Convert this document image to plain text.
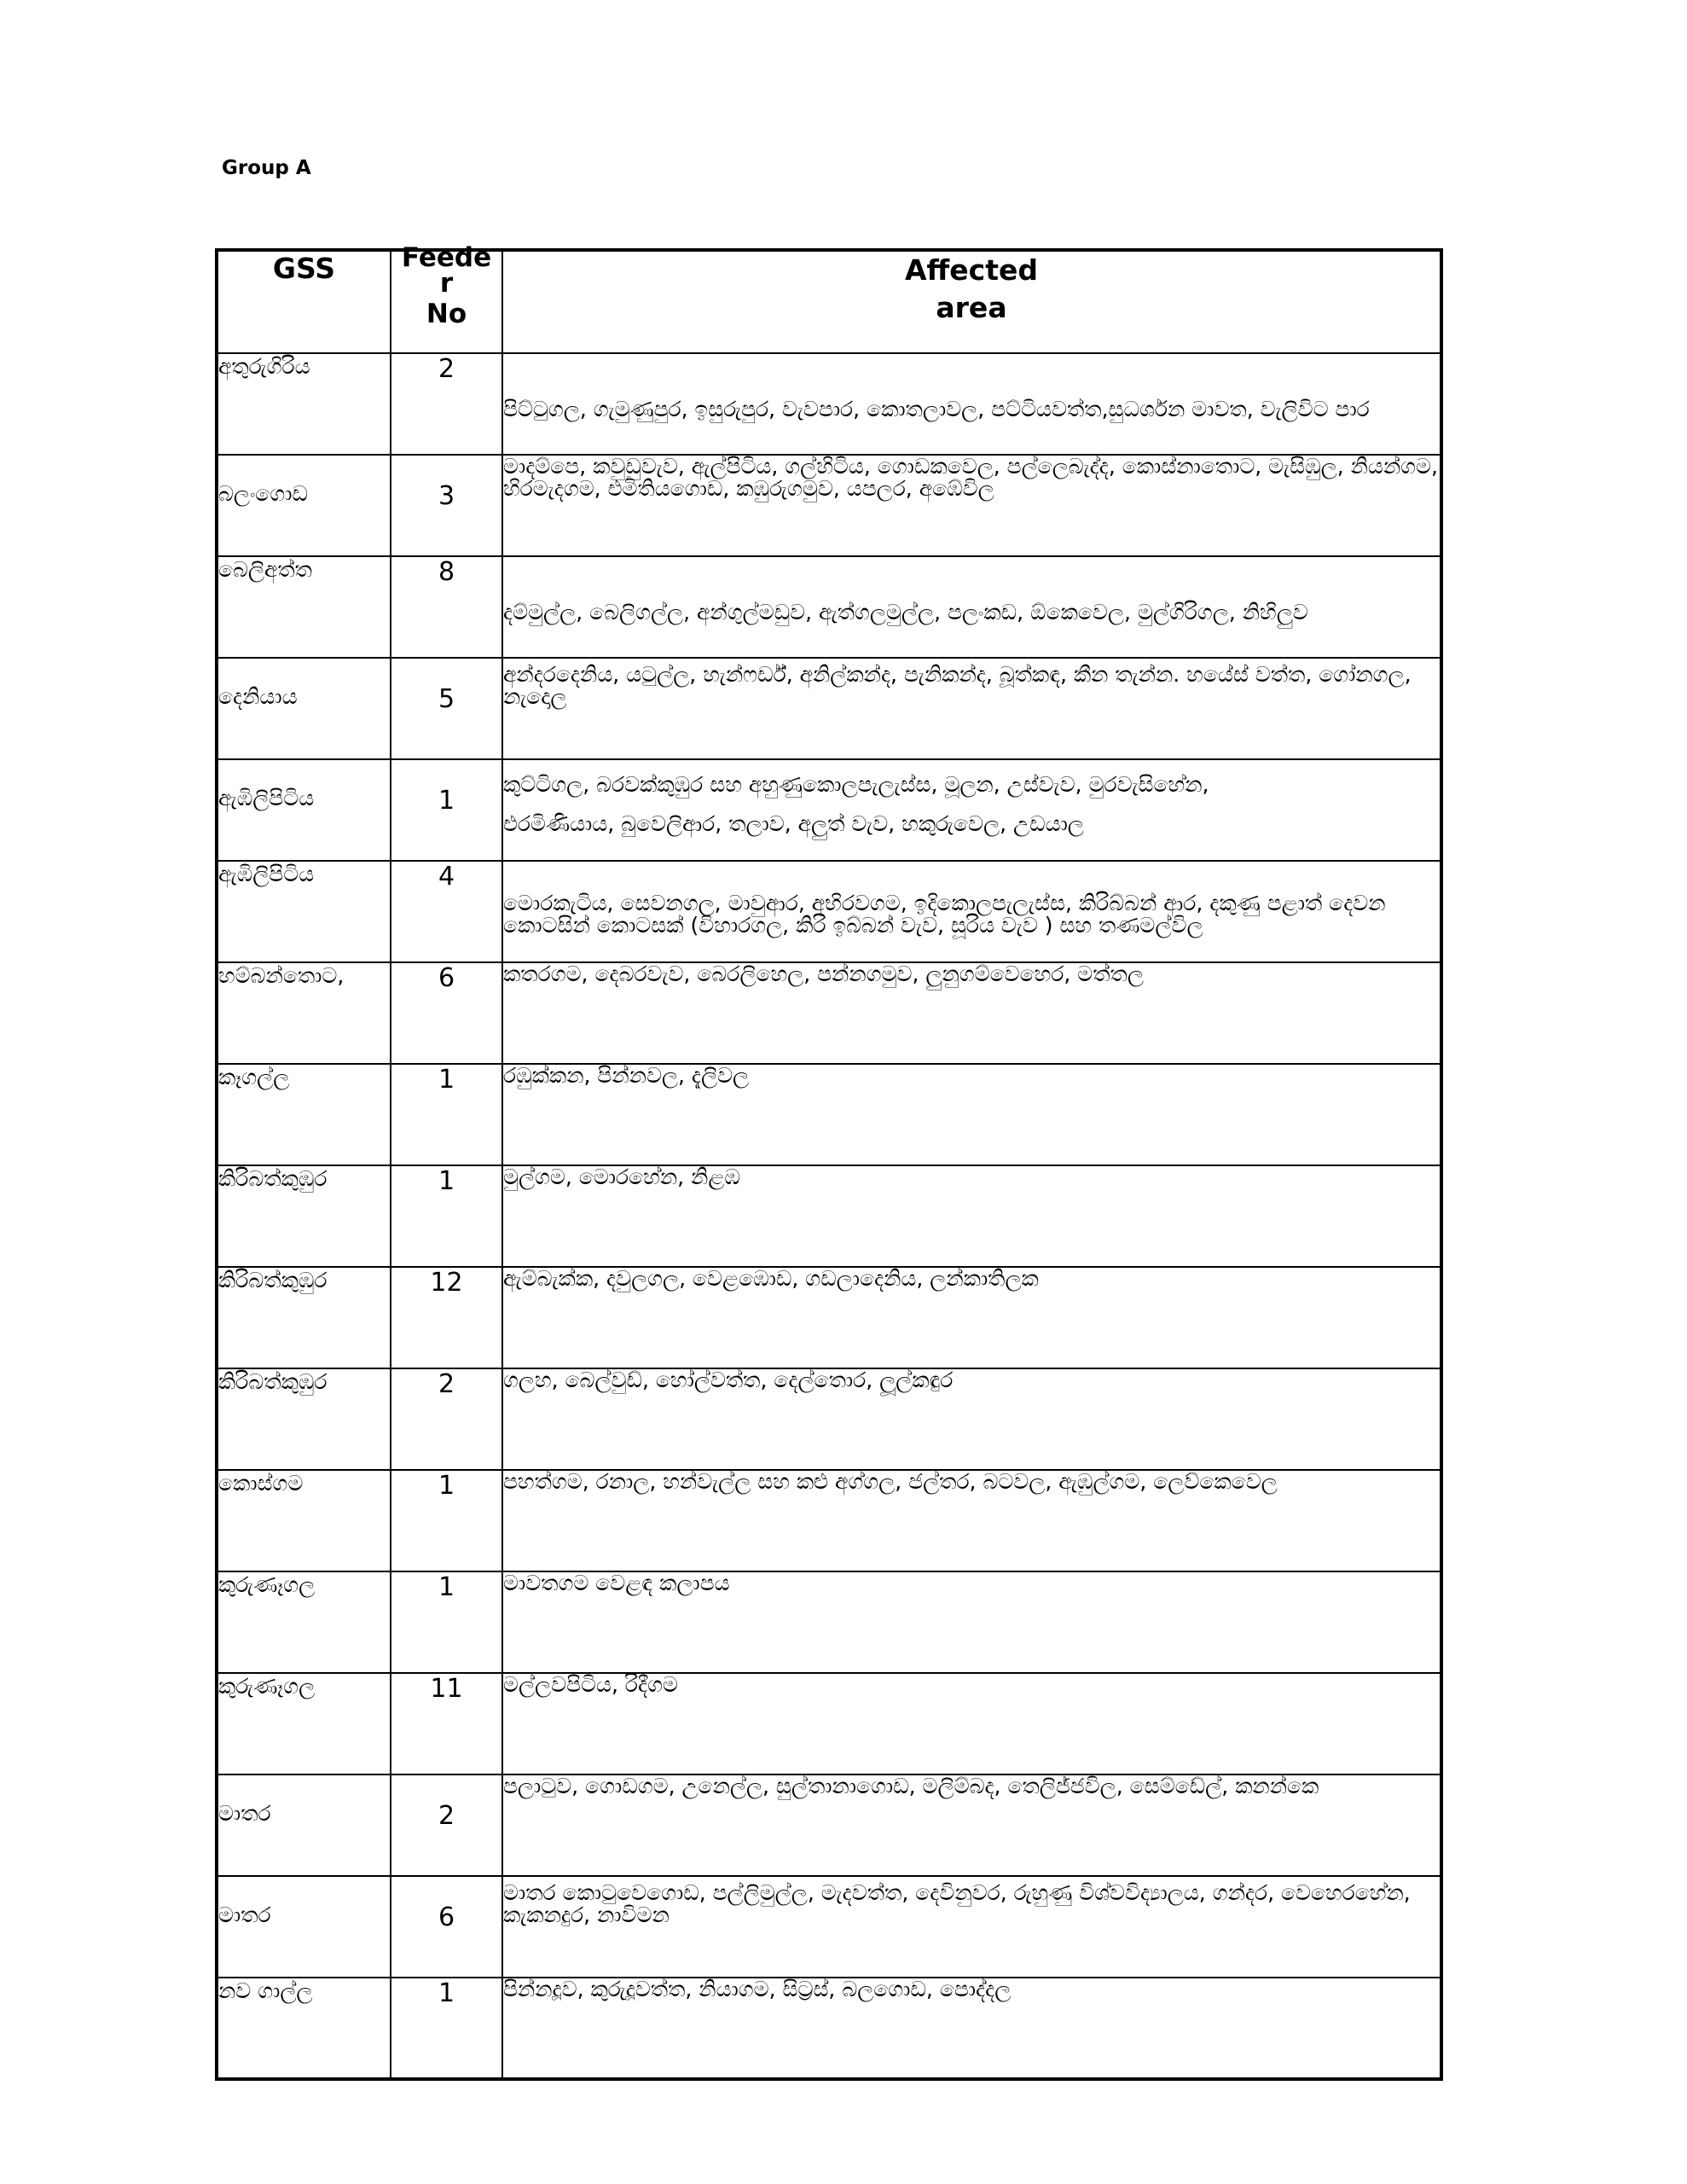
Group A
GSS	Feede
r
No	Affected
area

අතුරුගිරිය	2	පිට්ටුගල, ගැමුණුපුර, ඉසුරුපුර, වැවපාර, කොතලාවල, පට්ටියවත්ත,සුධර්ශන මාවත, වැලිවිට පාර
බලංගොඩ	3	මාදම්පෙ, කවුඩුවැව, ඇල්පිටිය, ගල්හිටිය, ගොඩකවෙල, පල්ලෙබැද්ද, කොස්නාතොට, මැසිඹුල, නියන්ගම, හිරමැදගම, එමිතියගොඩ, කඹුරුගමුව, යපලර, අඹේවිල
බෙලිඅත්ත	8	දම්මුල්ල, බෙලිගල්ල, අන්ගුල්මඩුව, ඇත්ගලමුල්ල, පලංකඩ, ඕකෙවෙල, මුල්ගිරිගල, නිහිලුව
දෙනියාය	5	අන්දරදෙනිය, යටුල්ල, හැන්ෆර්ඩ්, අනිල්කන්ද, පැනිකන්ද, බූත්කඳ, කීන තැන්න. හයේස් වත්ත, ගෝනගල, නැදොල
ඇඹිලිපිටිය	1	කුට්ටිගල, බරවක්කුඹුර සහ අහුණුකොලපැලැස්ස, මූලන, උස්වැව, මුරවැසිහේන,
එරමිණියාය, බුවෙලිආර, තලාව, අලුත් වැව, හකුරුවෙල, උඩයාල

ඇඹිලිපිටිය	4	මොරකැටිය, සෙවනගල, මාවුආර, අභිරවගම, ඉදිකොලපැලැස්ස, කිරිබ්බන් ආර, දකුණු පළාත් දෙවන කොටසින් කොටසක් (විහාරගල, කිරි ඉබ්බන් වැව, සූරිය වැව ) සහ තණමල්විල
හම්බන්තොට,	6	කතරගම, දෙබරවැව, බෙරලිහෙල, පන්නගමුව, ලුනුගම්වෙහෙර, මත්තල
කෑගල්ල	1	රඹුක්කන, පින්නවල, දැලිවල
කිරිබත්කුඹුර	1	මුල්ගම, මොරහේන, නිළඹ
කිරිබත්කුඹුර	12	ඇම්බැක්ක, දවුලගල, වෙළඹොඩ, ගඩලාදෙනිය, ලන්කාතිලක
කිරිබත්කුඹුර	2	ගලහ, බෙල්වුඩ්, හෝල්වත්ත, දෙල්තොර, ලූල්කඳුර
කොස්ගම	1	පහත්ගම, රනාල, හන්වැල්ල සහ කළු අග්ගල, ජල්තර, බටවල, ඇඹුල්ගම, ලෙව්කෙවෙල
කුරුණෑගල	1	මාවතගම වෙළඳ කලාපය
කුරුණෑගල	11	මල්ලවපිටිය, රිදීගම
මාතර	2	පලාටුව, ගොඩගම, උනෙල්ල, සුල්තානාගොඩ, මලිම්බද, තෙලිජ්ජවිල, සෙම්ඩේල්, කනන්කෙ
මාතර	6	මාතර කොටුවෙගොඩ, පල්ලිමුල්ල, මැදවත්ත, දෙවිනුවර, රුහුණු විශ්වවිද්‍යාලය, ගන්දර, වෙහෙරහේන, කැකනදුර, නාවිමන
නව ගාල්ල	1	පින්නදූව, කුරුදූවත්ත, නියාගම, සිට්‍රස්, බලගොඩ, පොද්දල
